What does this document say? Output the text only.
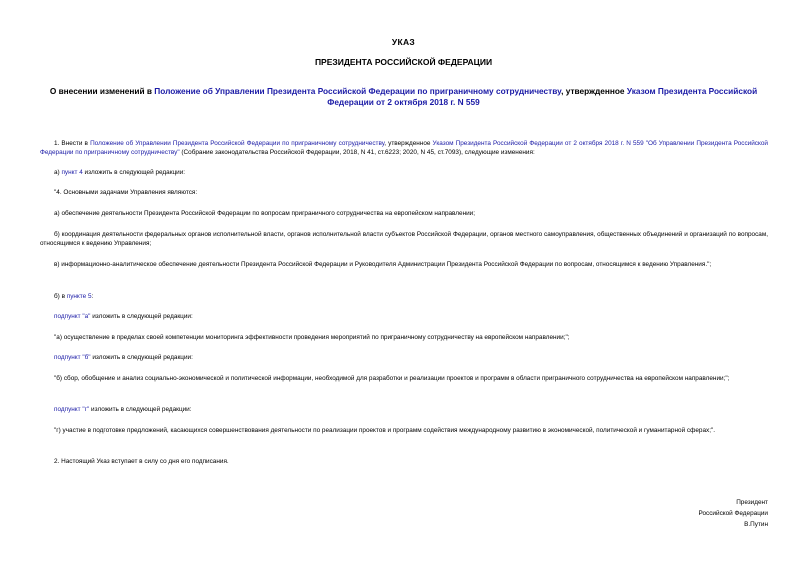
УКАЗ
ПРЕЗИДЕНТА РОССИЙСКОЙ ФЕДЕРАЦИИ
О внесении изменений в Положение об Управлении Президента Российской Федерации по приграничному сотрудничеству, утвержденное Указом Президента Российской Федерации от 2 октября 2018 г. N 559

1. Внести в Положение об Управлении Президента Российской Федерации по приграничному сотрудничеству, утвержденное Указом Президента Российской Федерации от 2 октября 2018 г. N 559 "Об Управлении Президента Российской Федерации по приграничному сотрудничеству" (Собрание законодательства Российской Федерации, 2018, N 41, ст.6223; 2020, N 45, ст.7093), следующие изменения:

а) пункт 4 изложить в следующей редакции:

"4. Основными задачами Управления являются:

а) обеспечение деятельности Президента Российской Федерации по вопросам приграничного сотрудничества на европейском направлении;

б) координация деятельности федеральных органов исполнительной власти, органов исполнительной власти субъектов Российской Федерации, органов местного самоуправления, общественных объединений и организаций по вопросам, относящимся к ведению Управления;

в) информационно-аналитическое обеспечение деятельности Президента Российской Федерации и Руководителя Администрации Президента Российской Федерации по вопросам, относящимся к ведению Управления.";

б) в пункте 5:

подпункт "а" изложить в следующей редакции:

"а) осуществление в пределах своей компетенции мониторинга эффективности проведения мероприятий по приграничному сотрудничеству на европейском направлении;";

подпункт "б" изложить в следующей редакции:

"б) сбор, обобщение и анализ социально-экономической и политической информации, необходимой для разработки и реализации проектов и программ в области приграничного сотрудничества на европейском направлении;";

подпункт "г" изложить в следующей редакции:

"г) участие в подготовке предложений, касающихся совершенствования деятельности по реализации проектов и программ содействия международному развитию в экономической, политической и гуманитарной сферах;".

2. Настоящий Указ вступает в силу со дня его подписания.

Президент
Российской Федерации
В.Путин
